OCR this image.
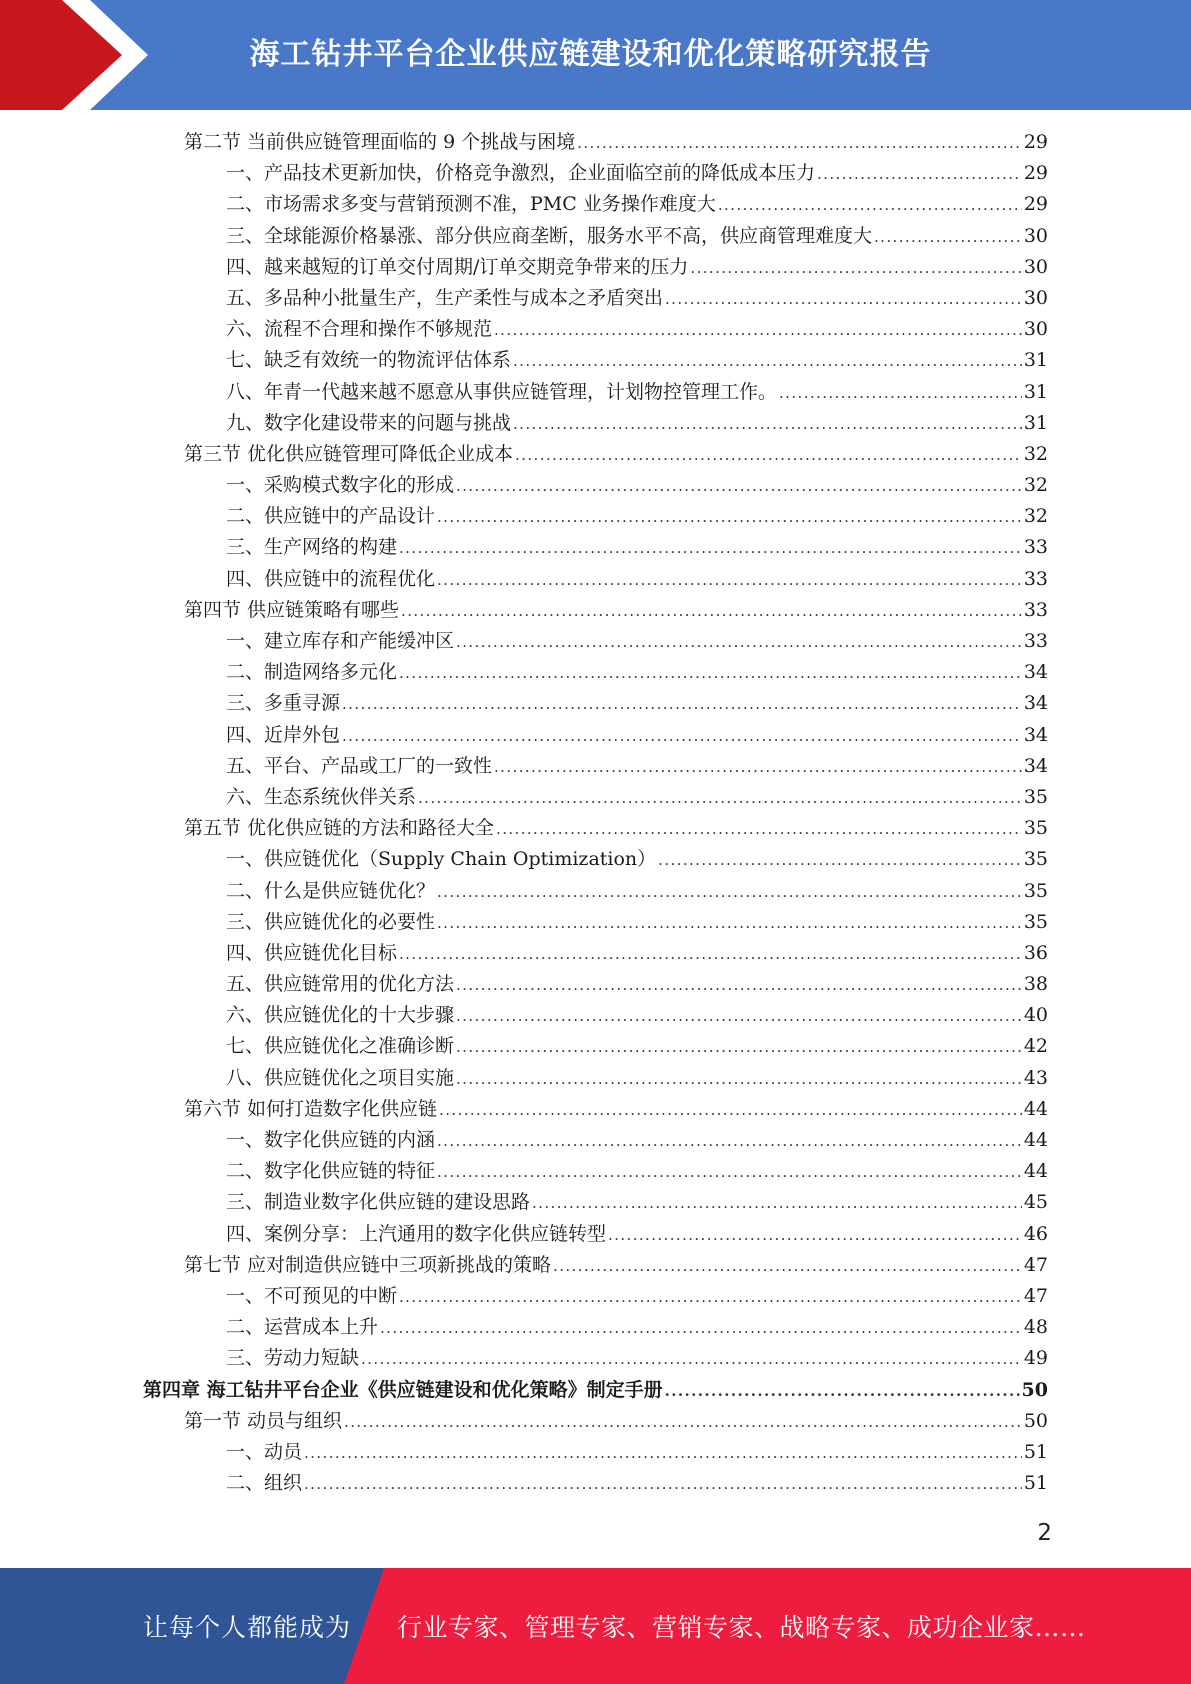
海工钻井平台企业供应链建设和优化策略研究报告
第二节 当前供应链管理面临的 9 个挑战与困境 .....	29
一、产品技术更新加快，价格竞争激烈，企业面临空前的降低成本压力 .....	29
二、市场需求多变与营销预测不准，PMC 业务操作难度大 .....	29
三、全球能源价格暴涨、部分供应商垄断，服务水平不高，供应商管理难度大 .....	30
四、越来越短的订单交付周期/订单交期竞争带来的压力 .....	30
五、多品种小批量生产，生产柔性与成本之矛盾突出 .....	30
六、流程不合理和操作不够规范 .....	30
七、缺乏有效统一的物流评估体系 .....	31
八、年青一代越来越不愿意从事供应链管理，计划物控管理工作。 .....	31
九、数字化建设带来的问题与挑战 .....	31
第三节 优化供应链管理可降低企业成本 .....	32
一、采购模式数字化的形成 .....	32
二、供应链中的产品设计 .....	32
三、生产网络的构建 .....	33
四、供应链中的流程优化 .....	33
第四节 供应链策略有哪些 .....	33
一、建立库存和产能缓冲区 .....	33
二、制造网络多元化 .....	34
三、多重寻源 .....	34
四、近岸外包 .....	34
五、平台、产品或工厂的一致性 .....	34
六、生态系统伙伴关系 .....	35
第五节 优化供应链的方法和路径大全 .....	35
一、供应链优化（Supply Chain Optimization） .....	35
二、什么是供应链优化？ .....	35
三、供应链优化的必要性 .....	35
四、供应链优化目标 .....	36
五、供应链常用的优化方法 .....	38
六、供应链优化的十大步骤 .....	40
七、供应链优化之准确诊断 .....	42
八、供应链优化之项目实施 .....	43
第六节 如何打造数字化供应链 .....	44
一、数字化供应链的内涵 .....	44
二、数字化供应链的特征 .....	44
三、制造业数字化供应链的建设思路 .....	45
四、案例分享：上汽通用的数字化供应链转型 .....	46
第七节 应对制造供应链中三项新挑战的策略 .....	47
一、不可预见的中断 .....	47
二、运营成本上升 .....	48
三、劳动力短缺 .....	49
第四章 海工钻井平台企业《供应链建设和优化策略》制定手册 .....	50
第一节 动员与组织 .....	50
一、动员 .....	51
二、组织 .....	51
2
让每个人都能成为 行业专家、管理专家、营销专家、战略专家、成功企业家……
